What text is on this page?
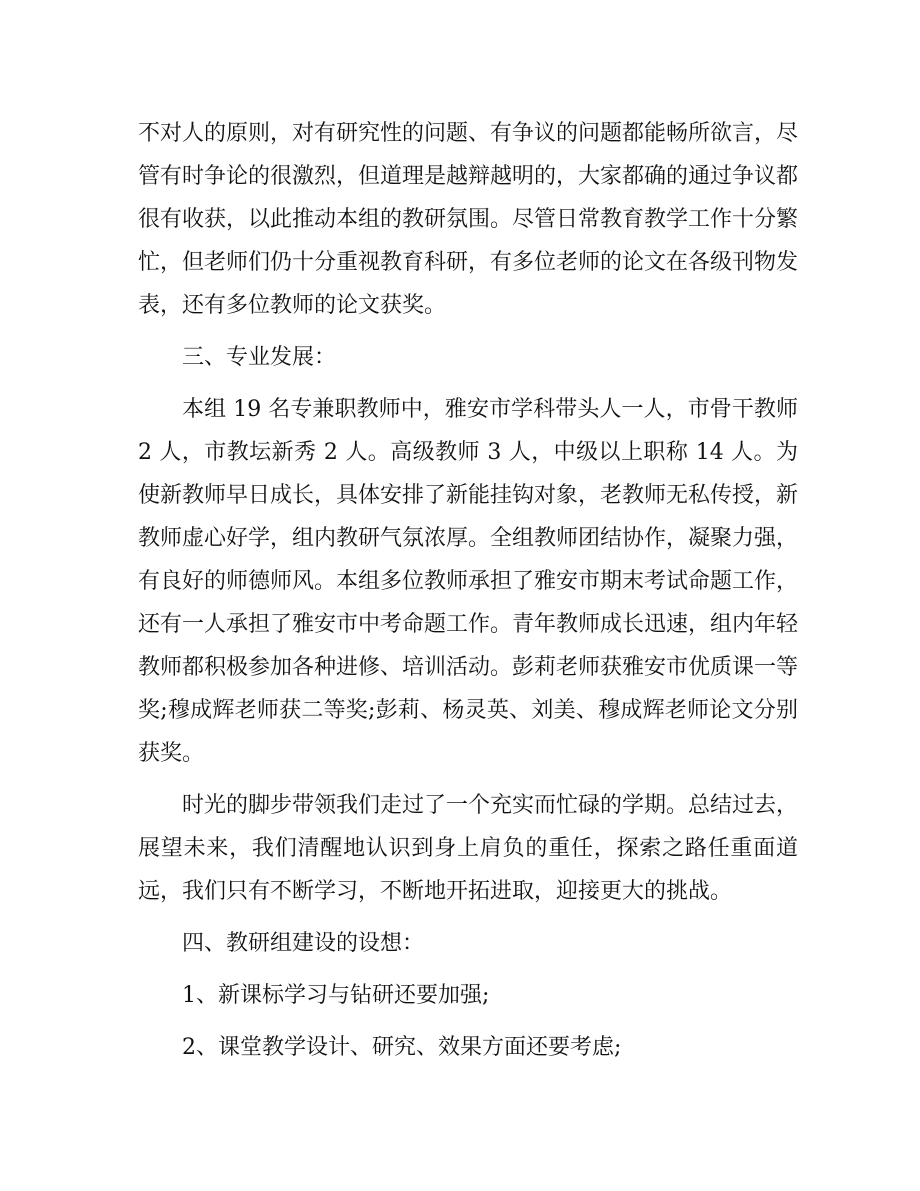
不对人的原则，对有研究性的问题、有争议的问题都能畅所欲言，尽管有时争论的很激烈，但道理是越辩越明的，大家都确的通过争议都很有收获，以此推动本组的教研氛围。尽管日常教育教学工作十分繁忙，但老师们仍十分重视教育科研，有多位老师的论文在各级刊物发表，还有多位教师的论文获奖。

三、专业发展：

本组 19 名专兼职教师中，雅安市学科带头人一人，市骨干教师 2 人，市教坛新秀 2 人。高级教师 3 人，中级以上职称 14 人。为使新教师早日成长，具体安排了新能挂钩对象，老教师无私传授，新教师虚心好学，组内教研气氛浓厚。全组教师团结协作，凝聚力强，有良好的师德师风。本组多位教师承担了雅安市期末考试命题工作，还有一人承担了雅安市中考命题工作。青年教师成长迅速，组内年轻教师都积极参加各种进修、培训活动。彭莉老师获雅安市优质课一等奖;穆成辉老师获二等奖;彭莉、杨灵英、刘美、穆成辉老师论文分别获奖。

时光的脚步带领我们走过了一个充实而忙碌的学期。总结过去，展望未来，我们清醒地认识到身上肩负的重任，探索之路任重面道远，我们只有不断学习，不断地开拓进取，迎接更大的挑战。

四、教研组建设的设想：

1、新课标学习与钻研还要加强;

2、课堂教学设计、研究、效果方面还要考虑;
